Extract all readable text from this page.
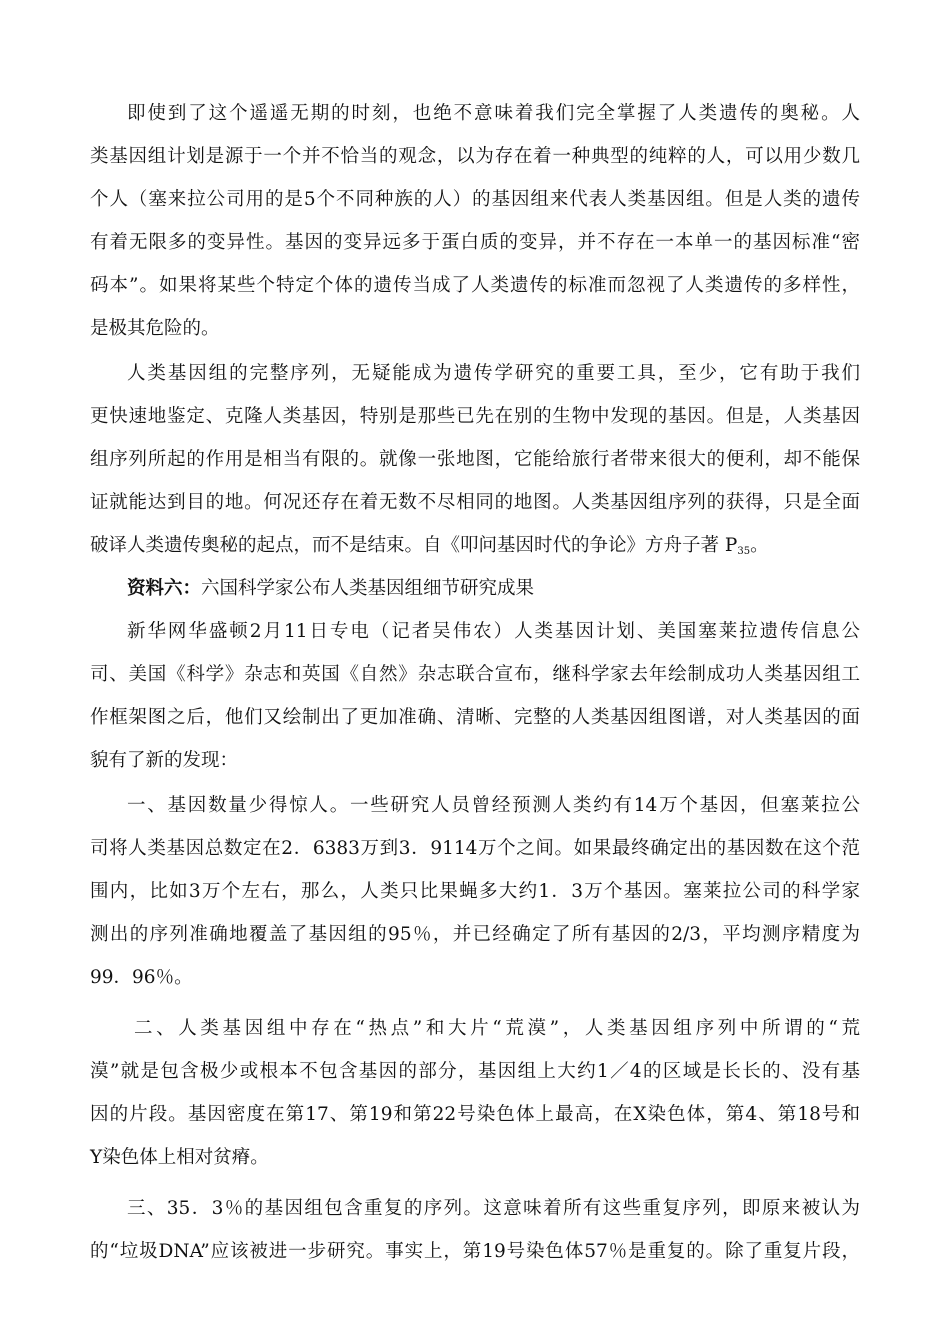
即使到了这个遥遥无期的时刻，也绝不意味着我们完全掌握了人类遗传的奥秘。人
类基因组计划是源于一个并不恰当的观念，以为存在着一种典型的纯粹的人，可以用少数几
个人（塞来拉公司用的是5个不同种族的人）的基因组来代表人类基因组。但是人类的遗传
有着无限多的变异性。基因的变异远多于蛋白质的变异，并不存在一本单一的基因标准“密
码本”。如果将某些个特定个体的遗传当成了人类遗传的标准而忽视了人类遗传的多样性，
是极其危险的。
人类基因组的完整序列，无疑能成为遗传学研究的重要工具，至少，它有助于我们
更快速地鉴定、克隆人类基因，特别是那些已先在别的生物中发现的基因。但是，人类基因
组序列所起的作用是相当有限的。就像一张地图，它能给旅行者带来很大的便利，却不能保
证就能达到目的地。何况还存在着无数不尽相同的地图。人类基因组序列的获得，只是全面
破译人类遗传奥秘的起点，而不是结束。自《叩问基因时代的争论》方舟子著 $P_{35}$。
资料六：六国科学家公布人类基因组细节研究成果
新华网华盛顿2月11日专电（记者吴伟农）人类基因计划、美国塞莱拉遗传信息公
司、美国《科学》杂志和英国《自然》杂志联合宣布，继科学家去年绘制成功人类基因组工
作框架图之后，他们又绘制出了更加准确、清晰、完整的人类基因组图谱，对人类基因的面
貌有了新的发现：
一、基因数量少得惊人。一些研究人员曾经预测人类约有14万个基因，但塞莱拉公
司将人类基因总数定在2．6383万到3．9114万个之间。如果最终确定出的基因数在这个范
围内，比如3万个左右，那么，人类只比果蝇多大约1．3万个基因。塞莱拉公司的科学家
测出的序列准确地覆盖了基因组的95％，并已经确定了所有基因的2/3，平均测序精度为
99．96％。
二、人类基因组中存在“热点”和大片“荒漠”，人类基因组序列中所谓的“荒
漠”就是包含极少或根本不包含基因的部分，基因组上大约1／4的区域是长长的、没有基
因的片段。基因密度在第17、第19和第22号染色体上最高，在X染色体，第4、第18号和
Y染色体上相对贫瘠。
三、35．3％的基因组包含重复的序列。这意味着所有这些重复序列，即原来被认为
的“垃圾DNA”应该被进一步研究。事实上，第19号染色体57％是重复的。除了重复片段，
